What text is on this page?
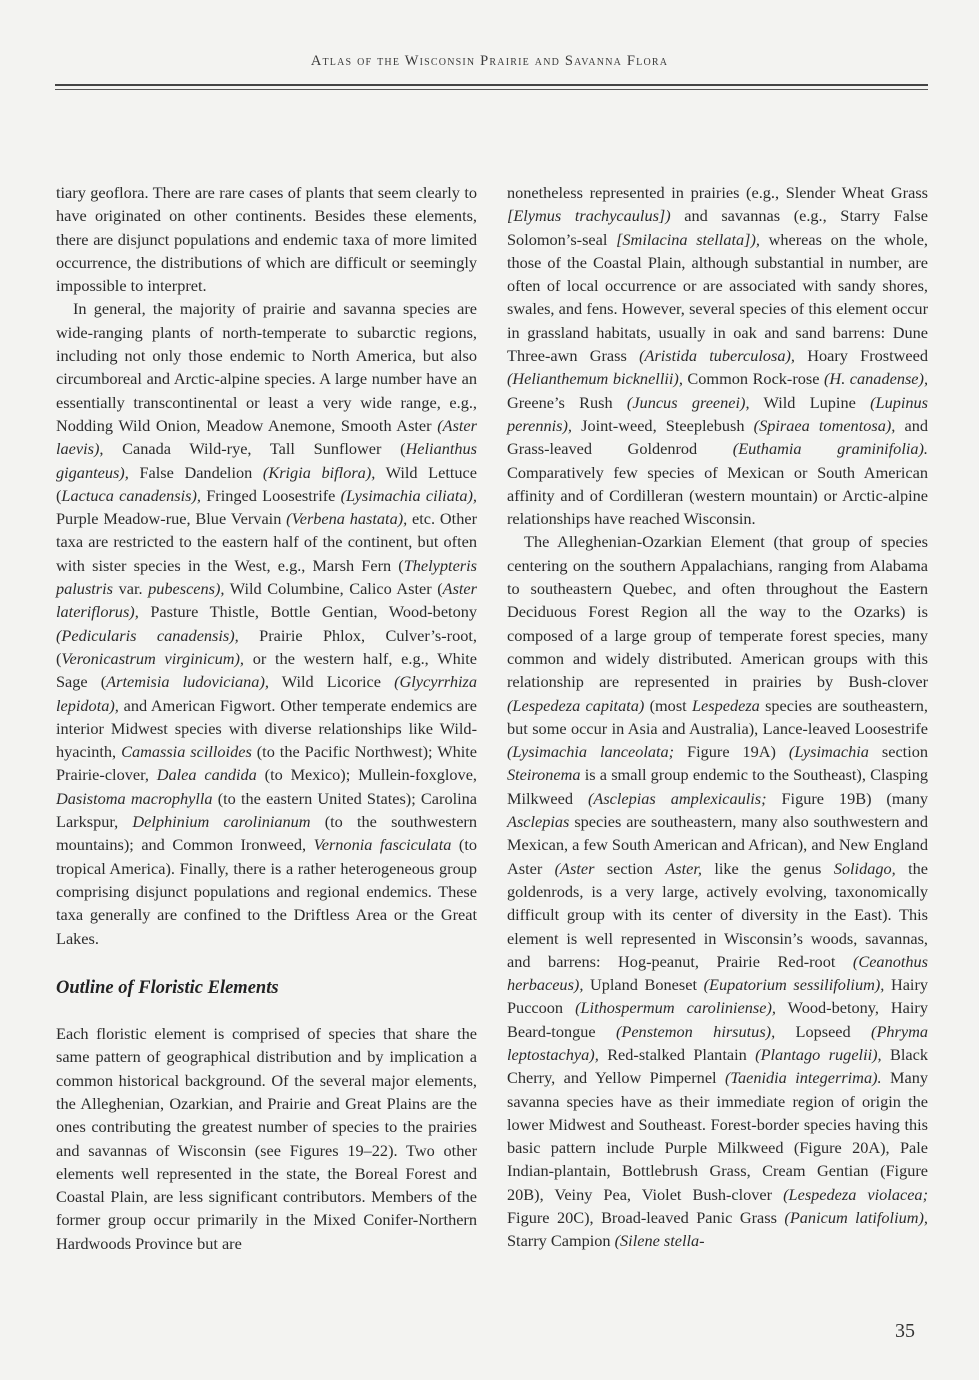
Atlas of the Wisconsin Prairie and Savanna Flora

tiary geoflora. There are rare cases of plants that seem clearly to have originated on other continents. Besides these elements, there are disjunct populations and endemic taxa of more limited occurrence, the distributions of which are difficult or seemingly impossible to interpret.

In general, the majority of prairie and savanna species are wide-ranging plants of north-temperate to subarctic regions, including not only those endemic to North America, but also circumboreal and Arctic-alpine species. A large number have an essentially transcontinental or least a very wide range, e.g., Nodding Wild Onion, Meadow Anemone, Smooth Aster (Aster laevis), Canada Wild-rye, Tall Sunflower (Helianthus giganteus), False Dandelion (Krigia biflora), Wild Lettuce (Lactuca canadensis), Fringed Loosestrife (Lysimachia ciliata), Purple Meadow-rue, Blue Vervain (Verbena hastata), etc. Other taxa are restricted to the eastern half of the continent, but often with sister species in the West, e.g., Marsh Fern (Thelypteris palustris var. pubescens), Wild Columbine, Calico Aster (Aster lateriflorus), Pasture Thistle, Bottle Gentian, Wood-betony (Pedicularis canadensis), Prairie Phlox, Culver’s-root, (Veronicastrum virginicum), or the western half, e.g., White Sage (Artemisia ludoviciana), Wild Licorice (Glycyrrhiza lepidota), and American Figwort. Other temperate endemics are interior Midwest species with diverse relationships like Wild-hyacinth, Camassia scilloides (to the Pacific Northwest); White Prairie-clover, Dalea candida (to Mexico); Mullein-foxglove, Dasistoma macrophylla (to the eastern United States); Carolina Larkspur, Delphinium carolinianum (to the southwestern mountains); and Common Ironweed, Vernonia fasciculata (to tropical America). Finally, there is a rather heterogeneous group comprising disjunct populations and regional endemics. These taxa generally are confined to the Driftless Area or the Great Lakes.

Outline of Floristic Elements

Each floristic element is comprised of species that share the same pattern of geographical distribution and by implication a common historical background. Of the several major elements, the Alleghenian, Ozarkian, and Prairie and Great Plains are the ones contributing the greatest number of species to the prairies and savannas of Wisconsin (see Figures 19–22). Two other elements well represented in the state, the Boreal Forest and Coastal Plain, are less significant contributors. Members of the former group occur primarily in the Mixed Conifer-Northern Hardwoods Province but are

nonetheless represented in prairies (e.g., Slender Wheat Grass [Elymus trachycaulus]) and savannas (e.g., Starry False Solomon’s-seal [Smilacina stellata]), whereas on the whole, those of the Coastal Plain, although substantial in number, are often of local occurrence or are associated with sandy shores, swales, and fens. However, several species of this element occur in grassland habitats, usually in oak and sand barrens: Dune Three-awn Grass (Aristida tuberculosa), Hoary Frostweed (Helianthemum bicknellii), Common Rock-rose (H. canadense), Greene’s Rush (Juncus greenei), Wild Lupine (Lupinus perennis), Joint-weed, Steeplebush (Spiraea tomentosa), and Grass-leaved Goldenrod (Euthamia graminifolia). Comparatively few species of Mexican or South American affinity and of Cordilleran (western mountain) or Arctic-alpine relationships have reached Wisconsin.

The Alleghenian-Ozarkian Element (that group of species centering on the southern Appalachians, ranging from Alabama to southeastern Quebec, and often throughout the Eastern Deciduous Forest Region all the way to the Ozarks) is composed of a large group of temperate forest species, many common and widely distributed. American groups with this relationship are represented in prairies by Bush-clover (Lespedeza capitata) (most Lespedeza species are southeastern, but some occur in Asia and Australia), Lance-leaved Loosestrife (Lysimachia lanceolata; Figure 19A) (Lysimachia section Steironema is a small group endemic to the Southeast), Clasping Milkweed (Asclepias amplexicaulis; Figure 19B) (many Asclepias species are southeastern, many also southwestern and Mexican, a few South American and African), and New England Aster (Aster section Aster, like the genus Solidago, the goldenrods, is a very large, actively evolving, taxonomically difficult group with its center of diversity in the East). This element is well represented in Wisconsin’s woods, savannas, and barrens: Hog-peanut, Prairie Red-root (Ceanothus herbaceus), Upland Boneset (Eupatorium sessilifolium), Hairy Puccoon (Lithospermum caroliniense), Wood-betony, Hairy Beard-tongue (Penstemon hirsutus), Lopseed (Phryma leptostachya), Red-stalked Plantain (Plantago rugelii), Black Cherry, and Yellow Pimpernel (Taenidia integerrima). Many savanna species have as their immediate region of origin the lower Midwest and Southeast. Forest-border species having this basic pattern include Purple Milkweed (Figure 20A), Pale Indian-plantain, Bottlebrush Grass, Cream Gentian (Figure 20B), Veiny Pea, Violet Bush-clover (Lespedeza violacea; Figure 20C), Broad-leaved Panic Grass (Panicum latifolium), Starry Campion (Silene stella-

35
